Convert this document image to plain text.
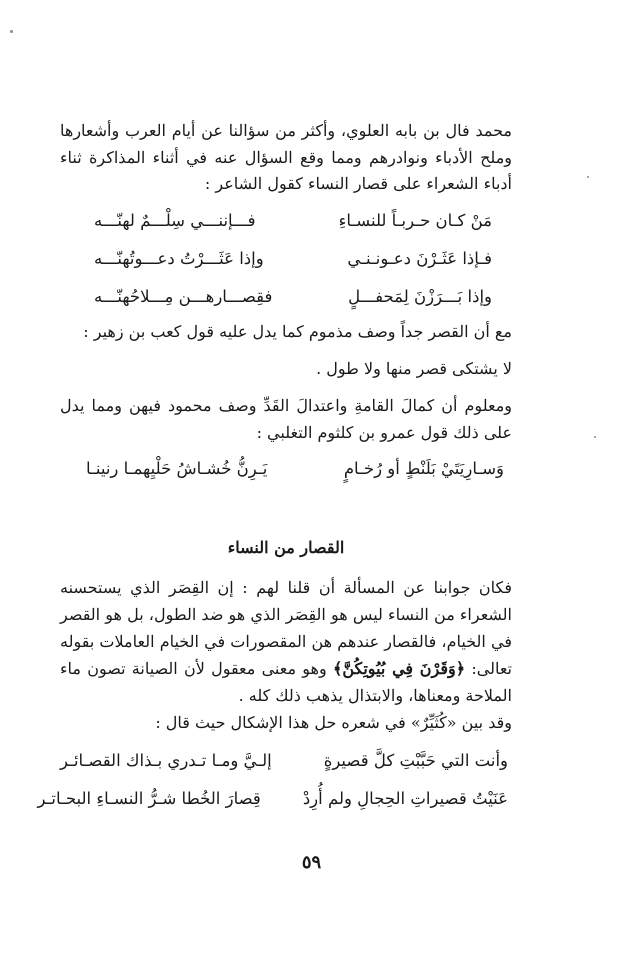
محمد فال بن بابه العلوي، وأكثر من سؤالنا عن أيام العرب وأشعارها وملح الأدباء ونوادرهم ومما وقع السؤال عنه في أثناء المذاكرة ثناء أدباء الشعراء على قصار النساء كقول الشاعر :

مَنْ كـان حـربـاً للنسـاءِ
فـــإننـــي سِلْـــمٌ لهنّـــه
فـإذا عَثَـرْنَ دعـونـنـي
وإذا عَثَـــرْتُ دعـــوتُهنّـــه
وإذا بَـــرَزْنَ لِمَحفـــلٍ
فقِصـــارهـــن مِـــلاحُهنّـــه

مع أن القصر جداً وصف مذموم كما يدل عليه قول كعب بن زهير :

لا يشتكى قصر منها ولا طول .

ومعلوم أن كمالَ القامةِ واعتدالَ القَدِّ وصف محمود فيهن ومما يدل على ذلك قول عمرو بن كلثوم التغلبي :

وَسـارِيَتَيْ بَلَنْطٍ أو رُخـامٍ
يَـرِنُّ خُشـاشُ حَلْيِهمـا رنينـا
القصار من النساء

فكان جوابنا عن المسألة أن قلنا لهم : إن القِصَر الذي يستحسنه الشعراء من النساء ليس هو القِصَر الذي هو ضد الطول، بل هو القصر في الخيام، فالقصار عندهم هن المقصورات في الخيام العاملات بقوله تعالى: ﴿وَقَرْنَ فِي بُيُوتِكُنَّ﴾ وهو معنى معقول لأن الصيانة تصون ماء الملاحة ومعناها، والابتذال يذهب ذلك كله .

وقد بين «كُثَيِّرٌ» في شعره حل هذا الإشكال حيث قال :

وأنت التي حَبَّبْتِ كلَّ قصيرةٍ
إلـيَّ ومـا تـدري بـذاك القصـائـر
عَنَيْتُ قصيراتِ الحِجالِ ولم أُرِدْ
قِصارَ الخُطا شـرُّ النسـاءِ البحـاتـر
٥٩
